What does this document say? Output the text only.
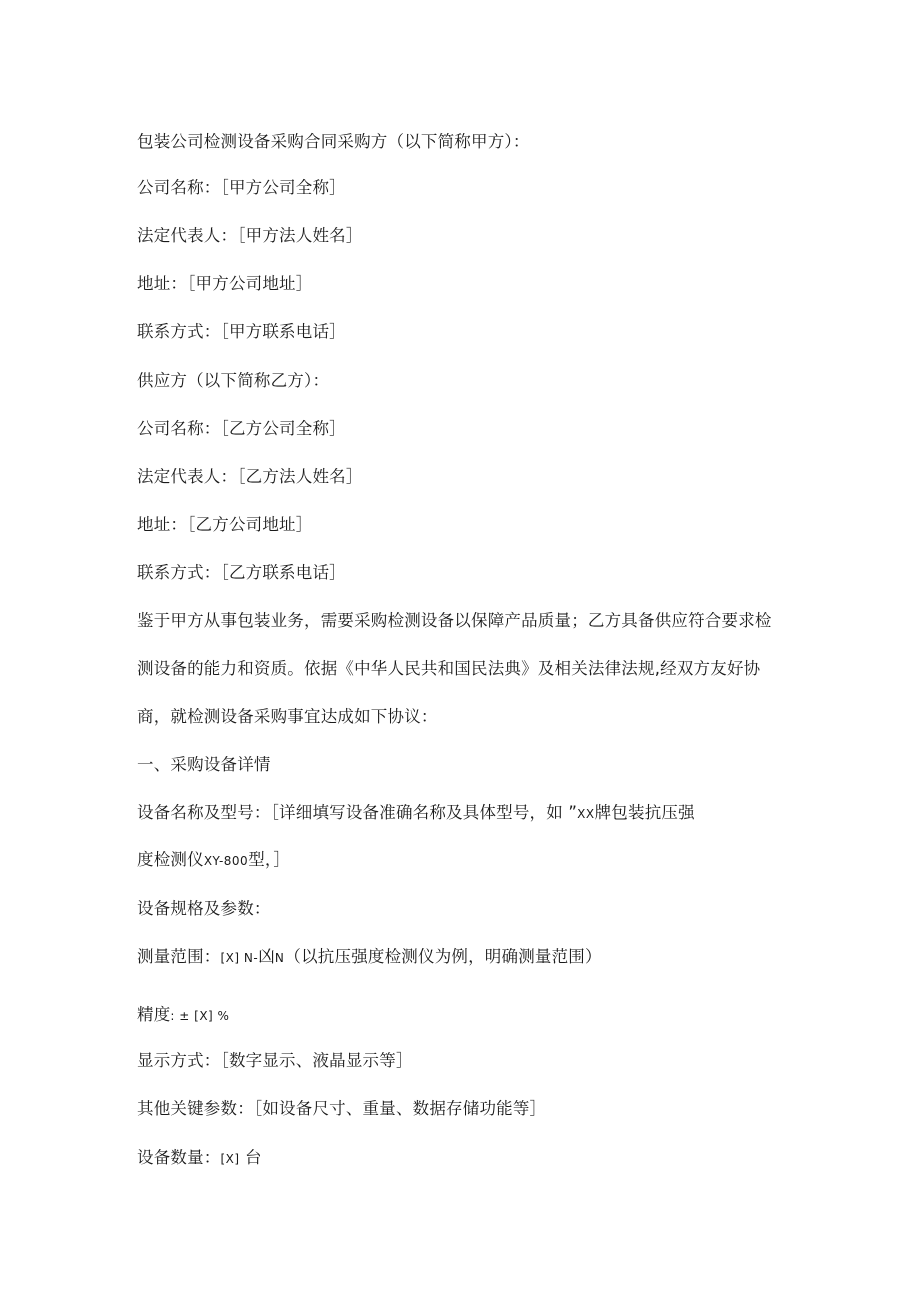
包装公司检测设备采购合同采购方（以下简称甲方）：
公司名称：［甲方公司全称］
法定代表人：［甲方法人姓名］
地址：［甲方公司地址］
联系方式：［甲方联系电话］
供应方（以下简称乙方）：
公司名称：［乙方公司全称］
法定代表人：［乙方法人姓名］
地址：［乙方公司地址］
联系方式：［乙方联系电话］
鉴于甲方从事包装业务，需要采购检测设备以保障产品质量；乙方具备供应符合要求检
测设备的能力和资质。依据《中华人民共和国民法典》及相关法律法规,经双方友好协
商，就检测设备采购事宜达成如下协议：
一、采购设备详情
设备名称及型号：［详细填写设备准确名称及具体型号，如 ”XX牌包装抗压强
度检测仪XY-800型，］
设备规格及参数：
测量范围：[X] N-凶N（以抗压强度检测仪为例，明确测量范围）
精度: ± [X] %
显示方式：［数字显示、液晶显示等］
其他关键参数：［如设备尺寸、重量、数据存储功能等］
设备数量：[X] 台
